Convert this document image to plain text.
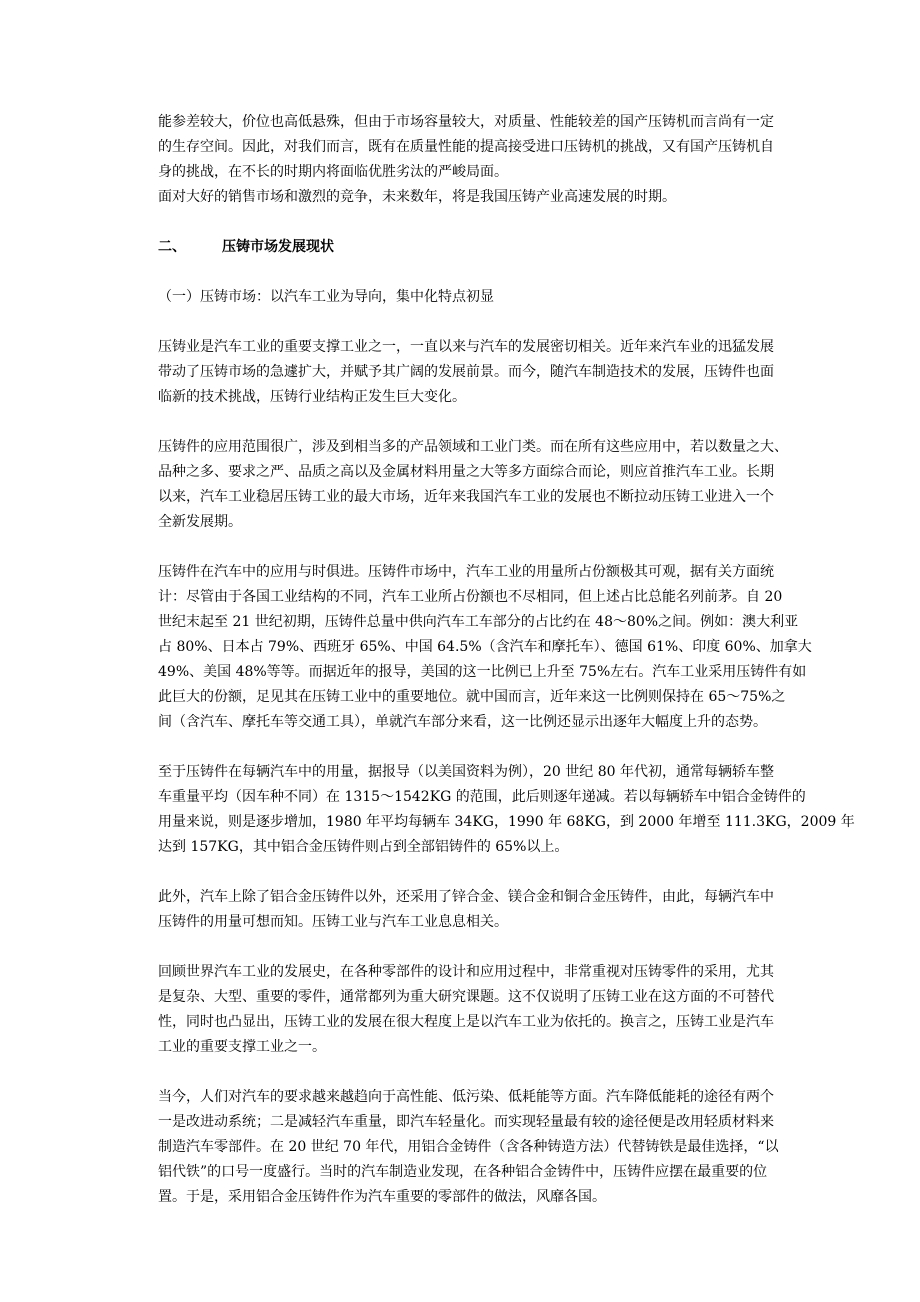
能参差较大，价位也高低悬殊，但由于市场容量较大，对质量、性能较差的国产压铸机而言尚有一定
的生存空间。因此，对我们而言，既有在质量性能的提高接受进口压铸机的挑战，又有国产压铸机自
身的挑战，在不长的时期内将面临优胜劣汰的严峻局面。
面对大好的销售市场和激烈的竞争，未来数年，将是我国压铸产业高速发展的时期。

二、	压铸市场发展现状

（一）压铸市场：以汽车工业为导向，集中化特点初显

压铸业是汽车工业的重要支撑工业之一，一直以来与汽车的发展密切相关。近年来汽车业的迅猛发展
带动了压铸市场的急遽扩大，并赋予其广阔的发展前景。而今，随汽车制造技术的发展，压铸件也面
临新的技术挑战，压铸行业结构正发生巨大变化。

压铸件的应用范围很广，涉及到相当多的产品领域和工业门类。而在所有这些应用中，若以数量之大、
品种之多、要求之严、品质之高以及金属材料用量之大等多方面综合而论，则应首推汽车工业。长期
以来，汽车工业稳居压铸工业的最大市场，近年来我国汽车工业的发展也不断拉动压铸工业进入一个
全新发展期。

压铸件在汽车中的应用与时俱进。压铸件市场中，汽车工业的用量所占份额极其可观，据有关方面统
计：尽管由于各国工业结构的不同，汽车工业所占份额也不尽相同，但上述占比总能名列前茅。自 20
世纪末起至 21 世纪初期，压铸件总量中供向汽车工车部分的占比约在 48～80%之间。例如：澳大利亚
占 80%、日本占 79%、西班牙 65%、中国 64.5%（含汽车和摩托车）、德国 61%、印度 60%、加拿大
49%、美国 48%等等。而据近年的报导，美国的这一比例已上升至 75%左右。汽车工业采用压铸件有如
此巨大的份额，足见其在压铸工业中的重要地位。就中国而言，近年来这一比例则保持在 65～75%之
间（含汽车、摩托车等交通工具），单就汽车部分来看，这一比例还显示出逐年大幅度上升的态势。

至于压铸件在每辆汽车中的用量，据报导（以美国资料为例），20 世纪 80 年代初，通常每辆轿车整
车重量平均（因车种不同）在 1315～1542KG 的范围，此后则逐年递减。若以每辆轿车中铝合金铸件的
用量来说，则是逐步增加，1980 年平均每辆车 34KG，1990 年 68KG，到 2000 年增至 111.3KG，2009 年
达到 157KG，其中铝合金压铸件则占到全部铝铸件的 65%以上。

此外，汽车上除了铝合金压铸件以外，还采用了锌合金、镁合金和铜合金压铸件，由此，每辆汽车中
压铸件的用量可想而知。压铸工业与汽车工业息息相关。

回顾世界汽车工业的发展史，在各种零部件的设计和应用过程中，非常重视对压铸零件的采用，尤其
是复杂、大型、重要的零件，通常都列为重大研究课题。这不仅说明了压铸工业在这方面的不可替代
性，同时也凸显出，压铸工业的发展在很大程度上是以汽车工业为依托的。换言之，压铸工业是汽车
工业的重要支撑工业之一。

当今，人们对汽车的要求越来越趋向于高性能、低污染、低耗能等方面。汽车降低能耗的途径有两个
一是改进动系统；二是减轻汽车重量，即汽车轻量化。而实现轻量最有较的途径便是改用轻质材料来
制造汽车零部件。在 20 世纪 70 年代，用铝合金铸件（含各种铸造方法）代替铸铁是最佳选择，“以
铝代铁”的口号一度盛行。当时的汽车制造业发现，在各种铝合金铸件中，压铸件应摆在最重要的位
置。于是，采用铝合金压铸件作为汽车重要的零部件的做法，风靡各国。
